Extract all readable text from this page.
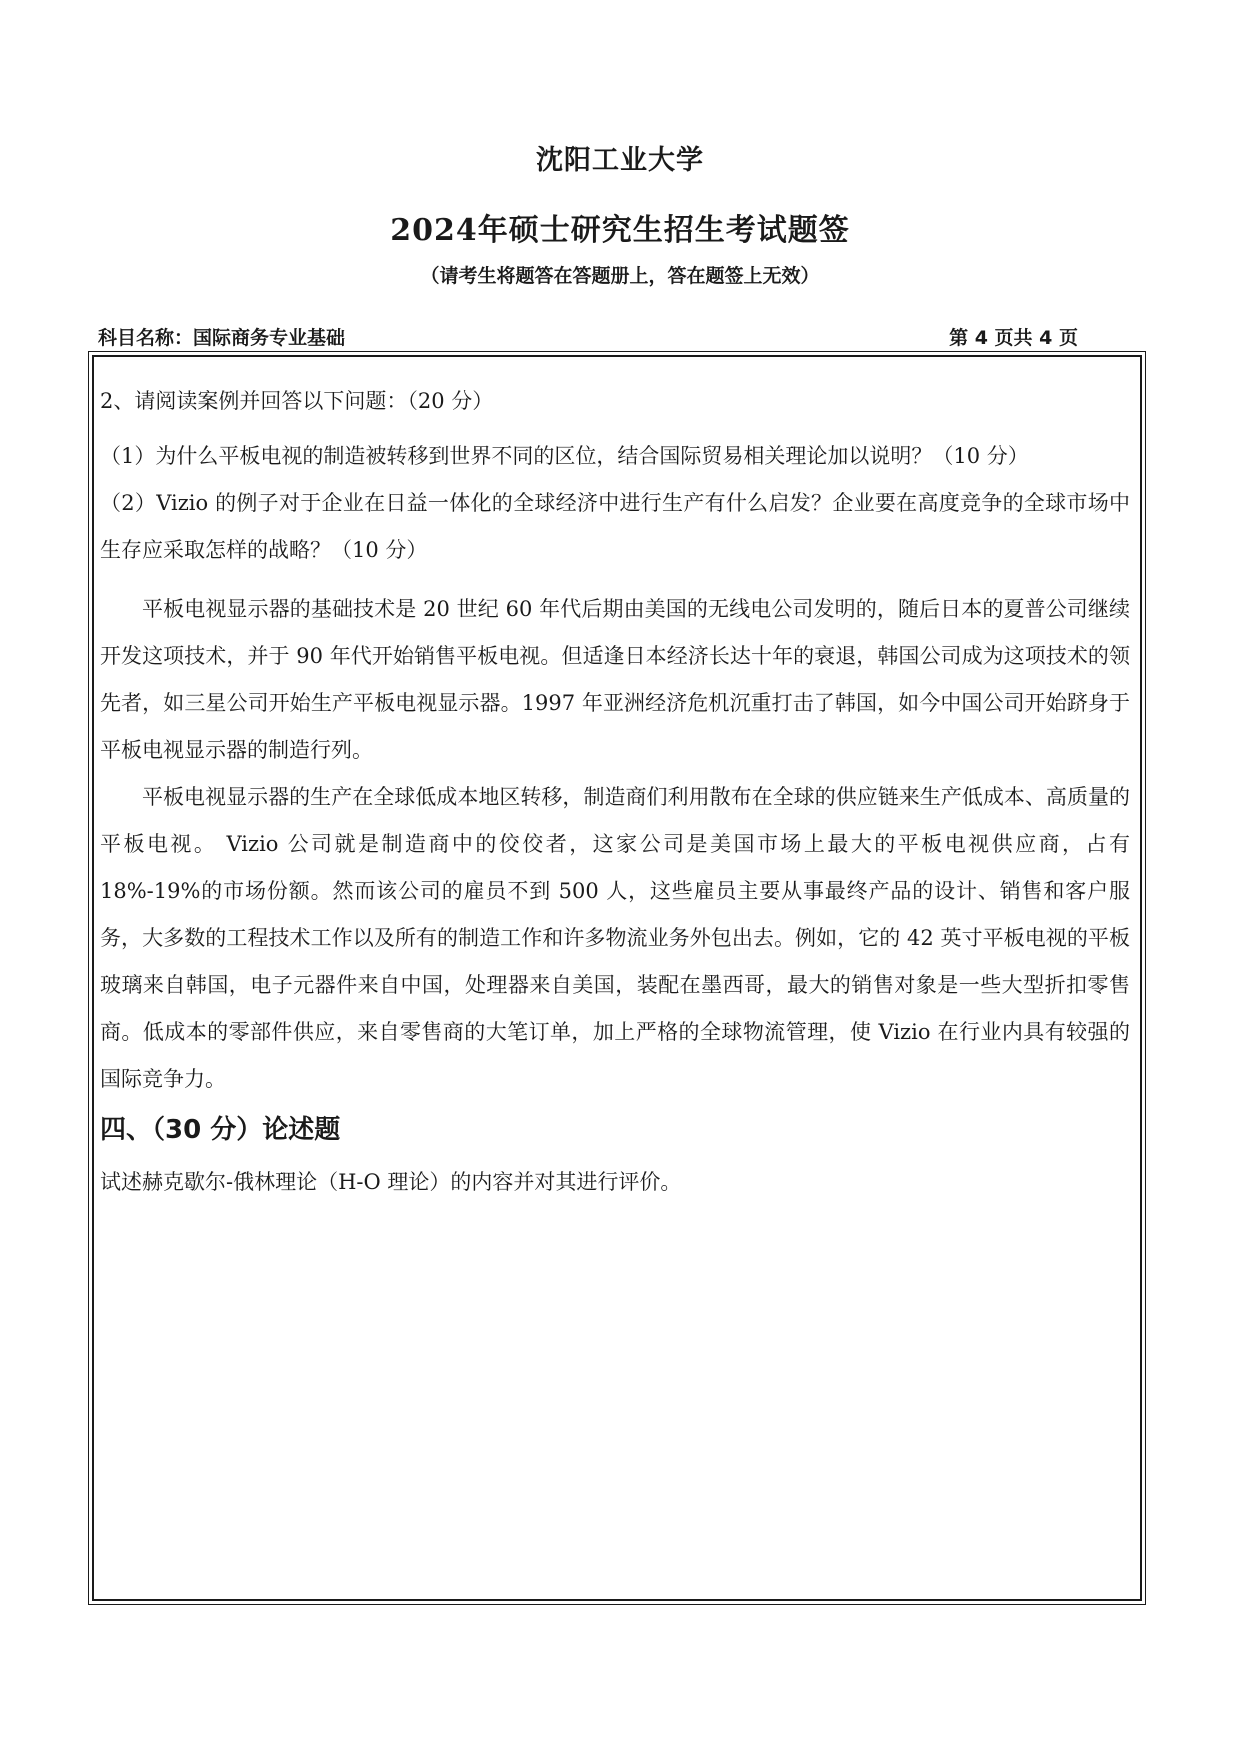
沈阳工业大学
2024年硕士研究生招生考试题签
（请考生将题答在答题册上，答在题签上无效）
科目名称：国际商务专业基础	第 4 页共 4 页

2、请阅读案例并回答以下问题：（20 分）

（1）为什么平板电视的制造被转移到世界不同的区位，结合国际贸易相关理论加以说明？（10 分）

（2）Vizio 的例子对于企业在日益一体化的全球经济中进行生产有什么启发？企业要在高度竞争的全球市场中生存应采取怎样的战略？（10 分）

平板电视显示器的基础技术是 20 世纪 60 年代后期由美国的无线电公司发明的，随后日本的夏普公司继续开发这项技术，并于 90 年代开始销售平板电视。但适逢日本经济长达十年的衰退，韩国公司成为这项技术的领先者，如三星公司开始生产平板电视显示器。1997 年亚洲经济危机沉重打击了韩国，如今中国公司开始跻身于平板电视显示器的制造行列。

平板电视显示器的生产在全球低成本地区转移，制造商们利用散布在全球的供应链来生产低成本、高质量的平板电视。 Vizio 公司就是制造商中的佼佼者，这家公司是美国市场上最大的平板电视供应商，占有 18%-19%的市场份额。然而该公司的雇员不到 500 人，这些雇员主要从事最终产品的设计、销售和客户服务，大多数的工程技术工作以及所有的制造工作和许多物流业务外包出去。例如，它的 42 英寸平板电视的平板玻璃来自韩国，电子元器件来自中国，处理器来自美国，装配在墨西哥，最大的销售对象是一些大型折扣零售商。低成本的零部件供应，来自零售商的大笔订单，加上严格的全球物流管理，使 Vizio 在行业内具有较强的国际竞争力。

四、（30 分）论述题

试述赫克歇尔-俄林理论（H-O 理论）的内容并对其进行评价。
